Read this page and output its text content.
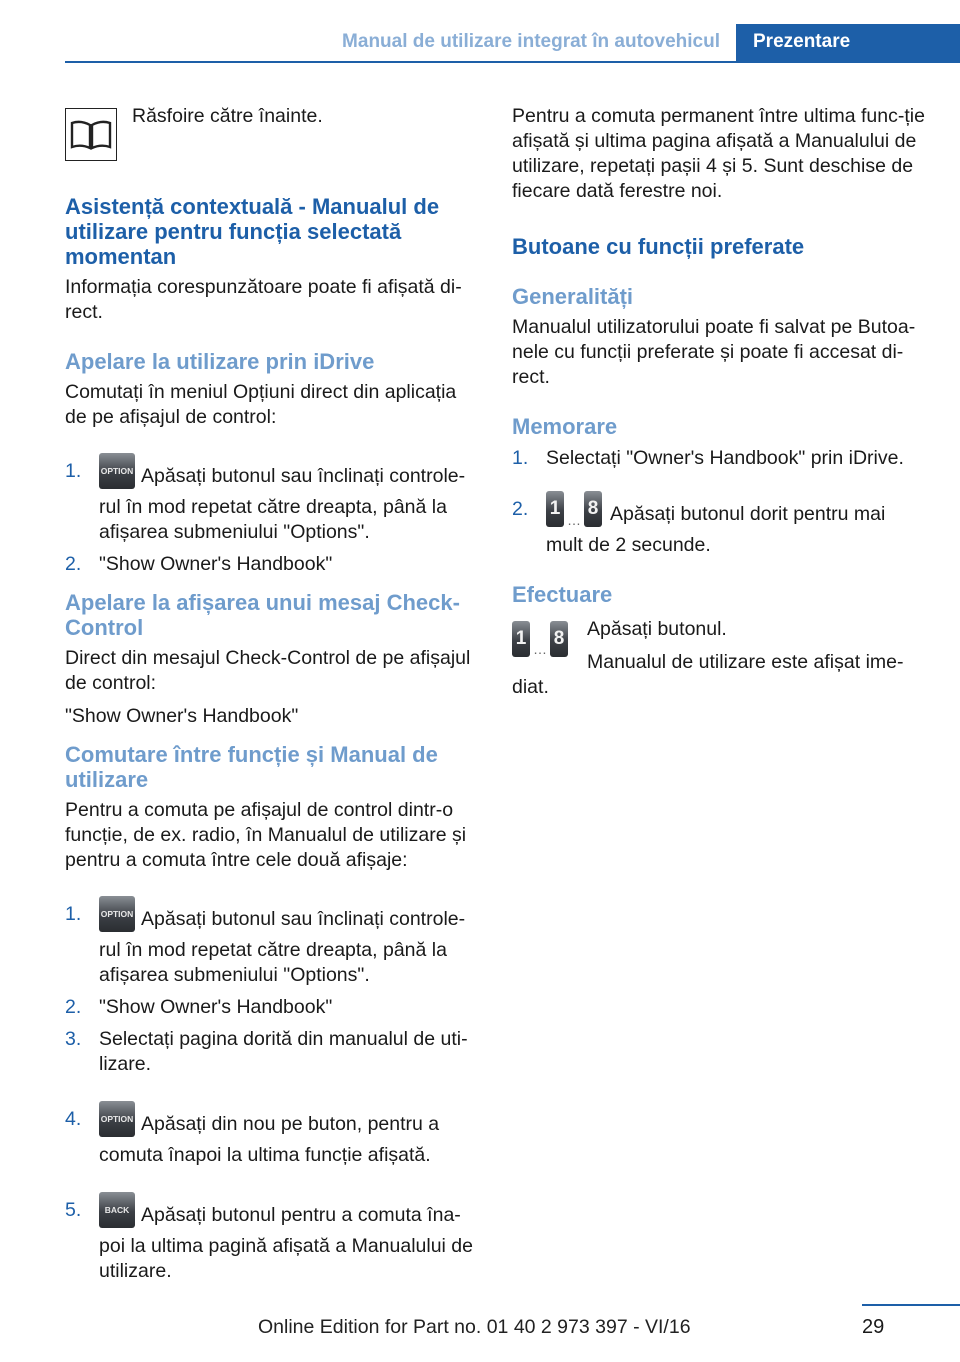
Manual de utilizare integrat în autovehicul	Prezentare

Răsfoire către înainte.

Asistență contextuală - Manualul de utilizare pentru funcția selectată momentan

Informația corespunzătoare poate fi afișată di‐rect.

Apelare la utilizare prin iDrive

Comutați în meniul Opțiuni direct din aplicația de pe afișajul de control:

1. OPTION Apăsați butonul sau înclinați controle‐rul în mod repetat către dreapta, până la afișarea submeniului "Options".
2. "Show Owner's Handbook"
Apelare la afișarea unui mesaj Check-Control

Direct din mesajul Check-Control de pe afișajul de control:

"Show Owner's Handbook"

Comutare între funcție și Manual de utilizare

Pentru a comuta pe afișajul de control dintr-o funcție, de ex. radio, în Manualul de utilizare și pentru a comuta între cele două afișaje:

1. OPTION Apăsați butonul sau înclinați controle‐rul în mod repetat către dreapta, până la afișarea submeniului "Options".
2. "Show Owner's Handbook"
3. Selectați pagina dorită din manualul de uti‐lizare.
4. OPTION Apăsați din nou pe buton, pentru a comuta înapoi la ultima funcție afișată.
5.	BACK Apăsați butonul pentru a comuta îna‐poi la ultima pagină afișată a Manualului de utilizare.

Pentru a comuta permanent între ultima func‐ție afișată și ultima pagina afișată a Manualului de utilizare, repetați pașii 4 și 5. Sunt deschise de fiecare dată ferestre noi.

Butoane cu funcții preferate
Generalități

Manualul utilizatorului poate fi salvat pe Butoa‐nele cu funcții preferate și poate fi accesat di‐rect.

Memorare
1. Selectați "Owner's Handbook" prin iDrive.
2. 1…8 Apăsați butonul dorit pentru mai mult de 2 secunde.
Efectuare
1 … 8	Apăsați butonul.

Manualul de utilizare este afișat ime‐diat.

29
Online Edition for Part no. 01 40 2 973 397 - VI/16
